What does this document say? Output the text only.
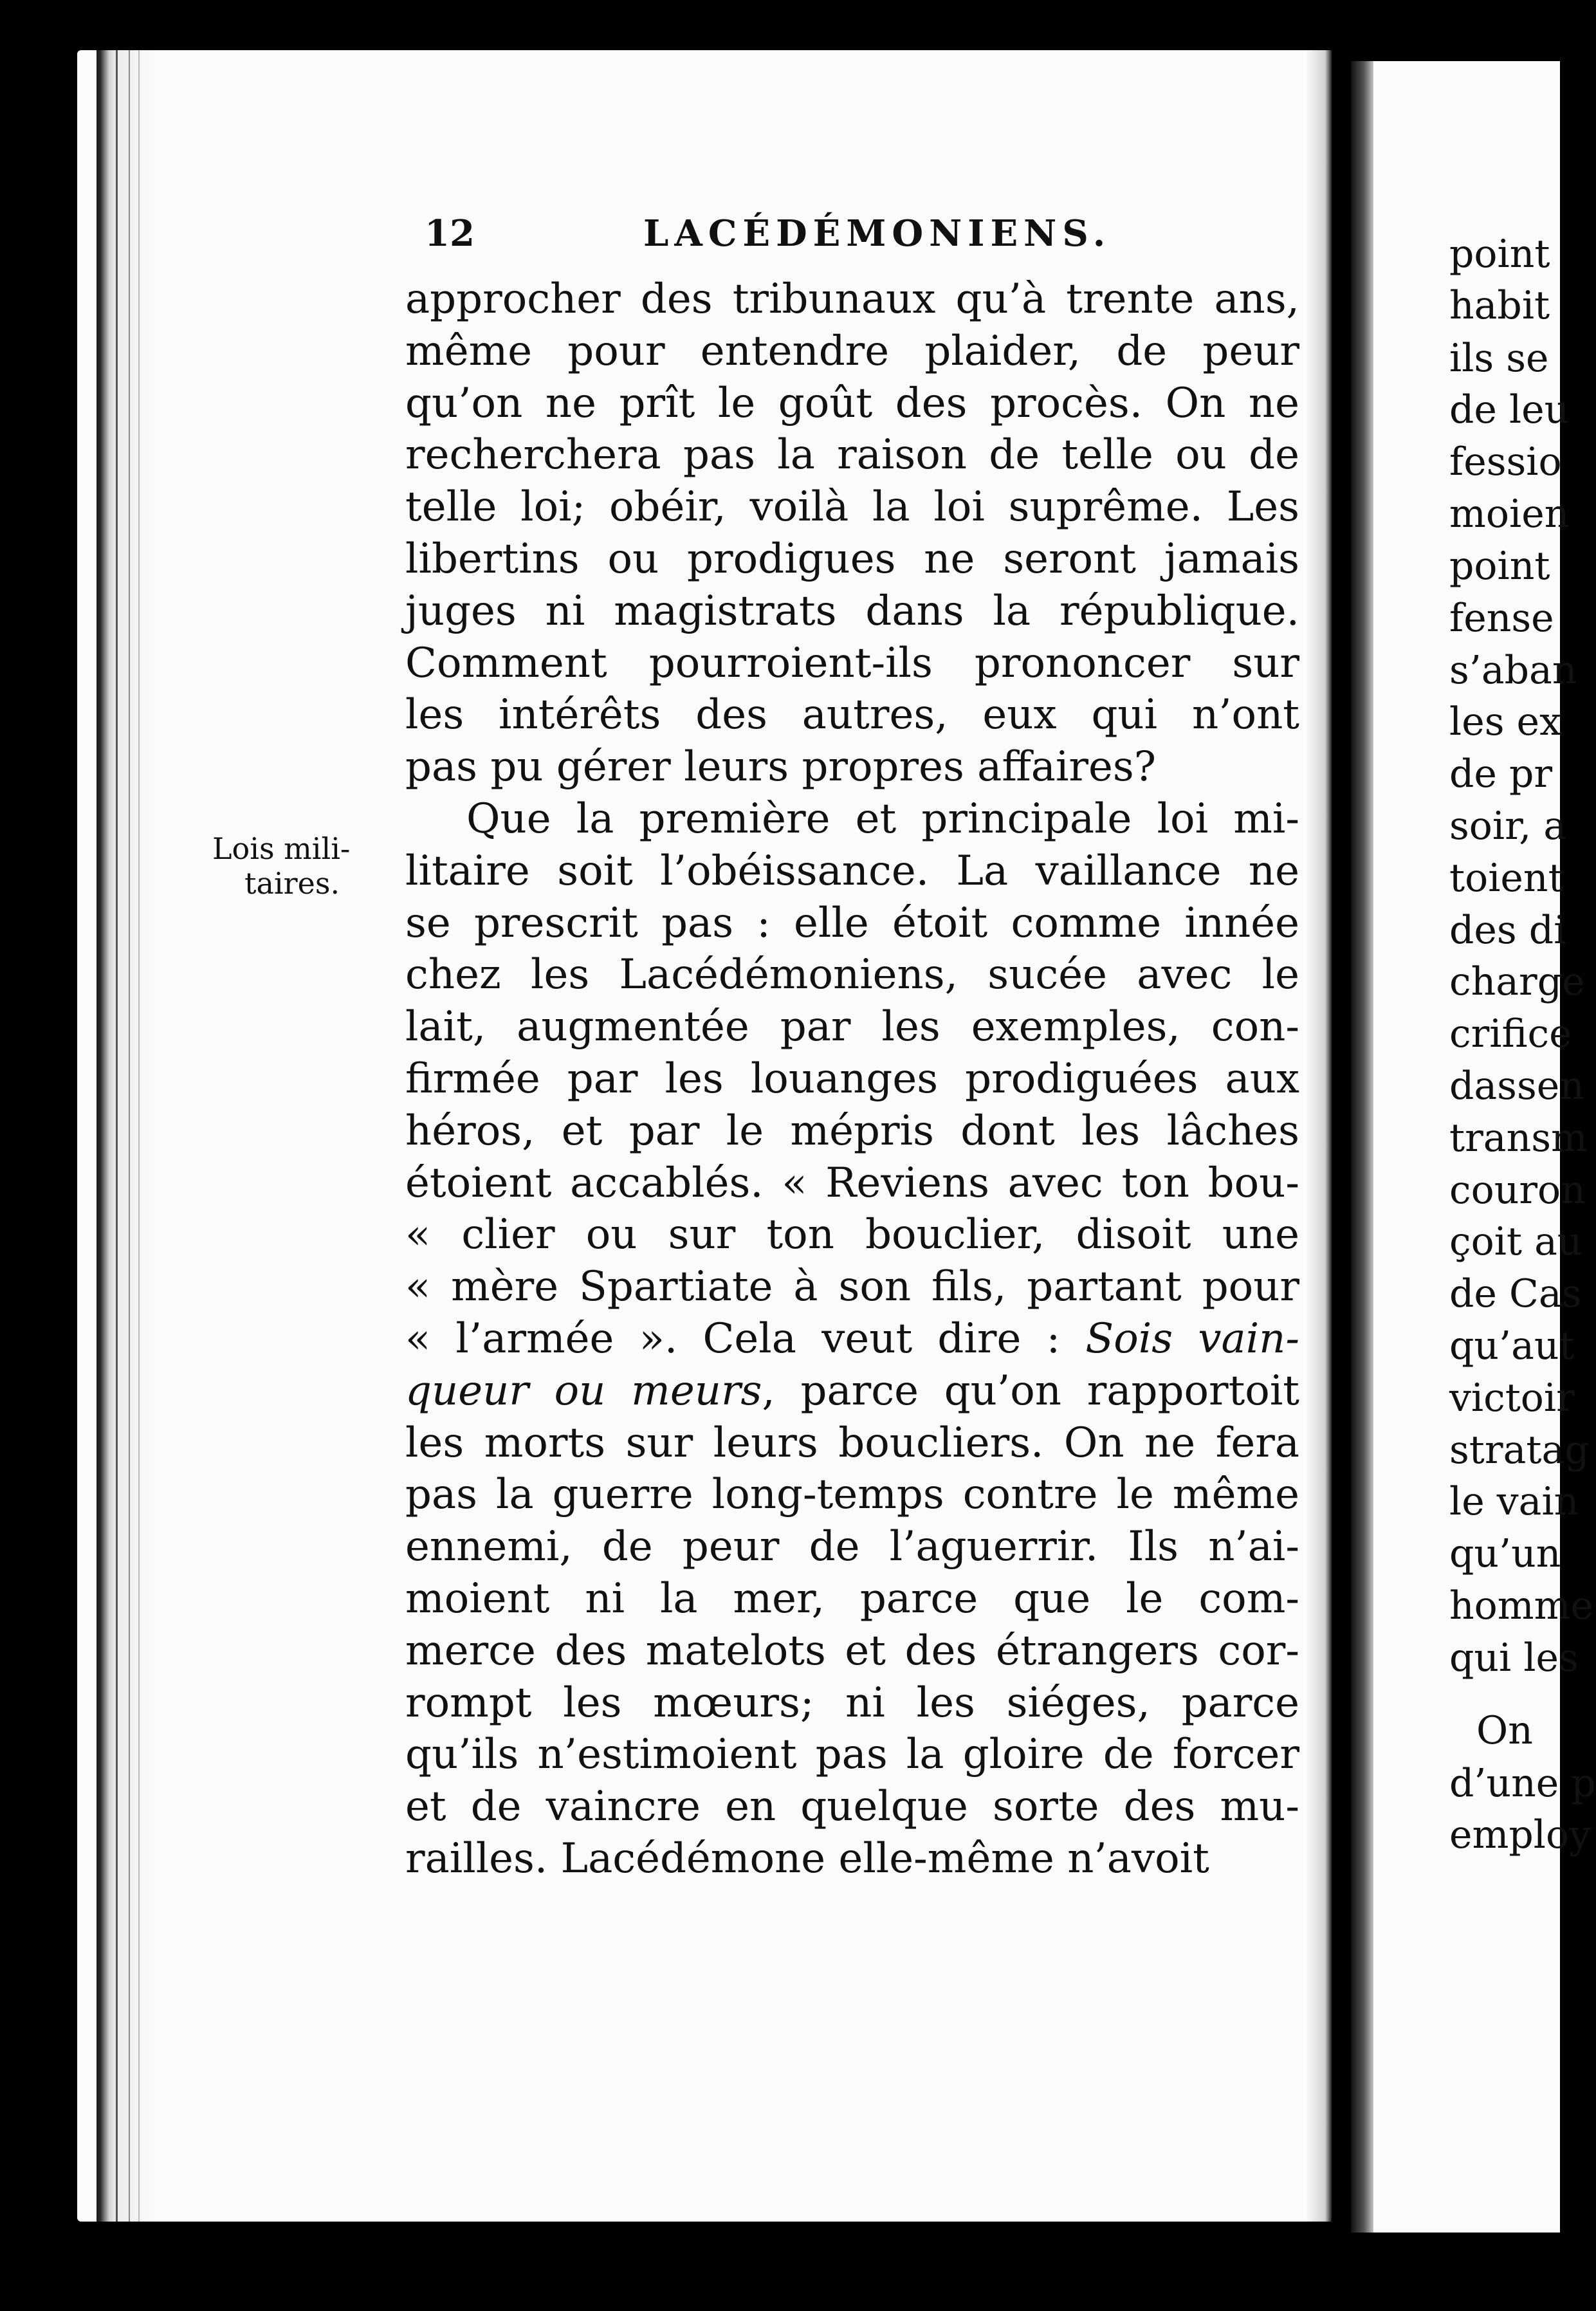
point
habit
ils se
de leu
fessio
moien
point
fense
s’aban
les ex
de pr
soir, a
toient
des di
charge
crifice
dassen
transm
couron
çoit au
de Cas
qu’aut
victoir
stratag
le vain
qu’un
homme
qui les
On
d’une p
employ
12	LACÉDÉMONIENS.
Lois mili-
taires.
approcher des tribunaux qu’à trente ans,
même pour entendre plaider, de peur
qu’on ne prît le goût des procès. On ne
recherchera pas la raison de telle ou de
telle loi; obéir, voilà la loi suprême. Les
libertins ou prodigues ne seront jamais
juges ni magistrats dans la république.
Comment pourroient-ils prononcer sur
les intérêts des autres, eux qui n’ont
pas pu gérer leurs propres affaires?
Que la première et principale loi mi-
litaire soit l’obéissance. La vaillance ne
se prescrit pas : elle étoit comme innée
chez les Lacédémoniens, sucée avec le
lait, augmentée par les exemples, con-
firmée par les louanges prodiguées aux
héros, et par le mépris dont les lâches
étoient accablés. « Reviens avec ton bou-
« clier ou sur ton bouclier, disoit une
« mère Spartiate à son fils, partant pour
« l’armée ». Cela veut dire : Sois vain-
queur ou meurs, parce qu’on rapportoit
les morts sur leurs boucliers. On ne fera
pas la guerre long-temps contre le même
ennemi, de peur de l’aguerrir. Ils n’ai-
moient ni la mer, parce que le com-
merce des matelots et des étrangers cor-
rompt les mœurs; ni les siéges, parce
qu’ils n’estimoient pas la gloire de forcer
et de vaincre en quelque sorte des mu-
railles. Lacédémone elle-même n’avoit
